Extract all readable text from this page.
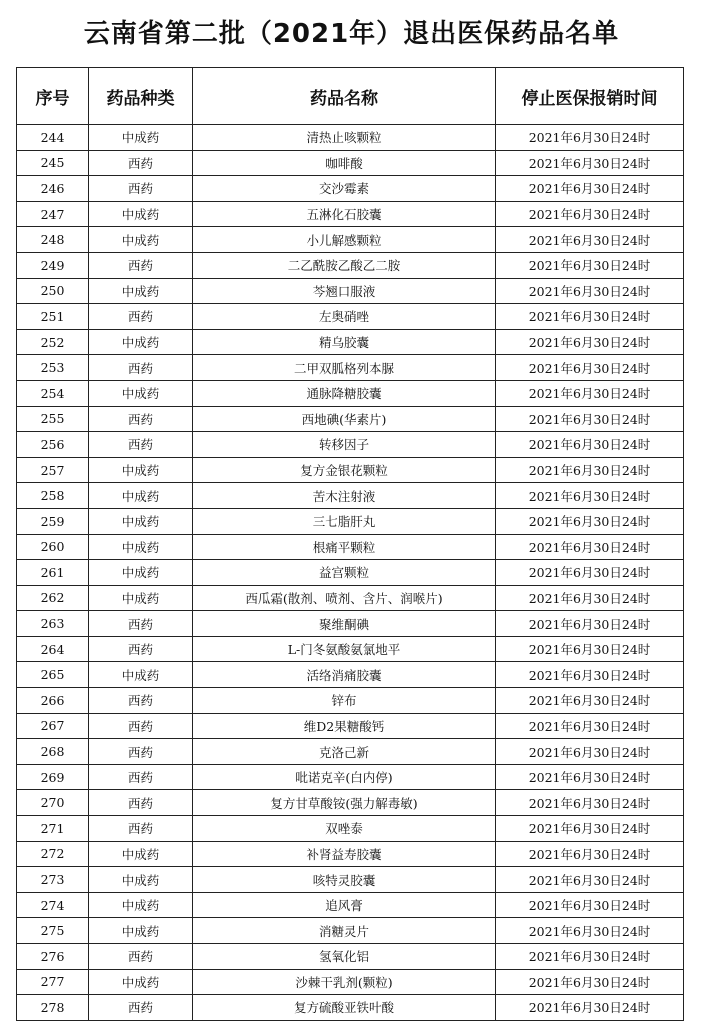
云南省第二批（2021年）退出医保药品名单
序号	药品种类	药品名称	停止医保报销时间
244	中成药	清热止咳颗粒	2021年6月30日24时
245	西药	咖啡酸	2021年6月30日24时
246	西药	交沙霉素	2021年6月30日24时
247	中成药	五淋化石胶囊	2021年6月30日24时
248	中成药	小儿解感颗粒	2021年6月30日24时
249	西药	二乙酰胺乙酸乙二胺	2021年6月30日24时
250	中成药	芩翘口服液	2021年6月30日24时
251	西药	左奥硝唑	2021年6月30日24时
252	中成药	精乌胶囊	2021年6月30日24时
253	西药	二甲双胍格列本脲	2021年6月30日24时
254	中成药	通脉降糖胶囊	2021年6月30日24时
255	西药	西地碘(华素片)	2021年6月30日24时
256	西药	转移因子	2021年6月30日24时
257	中成药	复方金银花颗粒	2021年6月30日24时
258	中成药	苦木注射液	2021年6月30日24时
259	中成药	三七脂肝丸	2021年6月30日24时
260	中成药	根痛平颗粒	2021年6月30日24时
261	中成药	益宫颗粒	2021年6月30日24时
262	中成药	西瓜霜(散剂、喷剂、含片、润喉片)	2021年6月30日24时
263	西药	聚维酮碘	2021年6月30日24时
264	西药	L-门冬氨酸氨氯地平	2021年6月30日24时
265	中成药	活络消痛胶囊	2021年6月30日24时
266	西药	锌布	2021年6月30日24时
267	西药	维D2果糖酸钙	2021年6月30日24时
268	西药	克洛己新	2021年6月30日24时
269	西药	吡诺克辛(白内停)	2021年6月30日24时
270	西药	复方甘草酸铵(强力解毒敏)	2021年6月30日24时
271	西药	双唑泰	2021年6月30日24时
272	中成药	补肾益寿胶囊	2021年6月30日24时
273	中成药	咳特灵胶囊	2021年6月30日24时
274	中成药	追风膏	2021年6月30日24时
275	中成药	消糖灵片	2021年6月30日24时
276	西药	氢氧化铝	2021年6月30日24时
277	中成药	沙棘干乳剂(颗粒)	2021年6月30日24时
278	西药	复方硫酸亚铁叶酸	2021年6月30日24时
